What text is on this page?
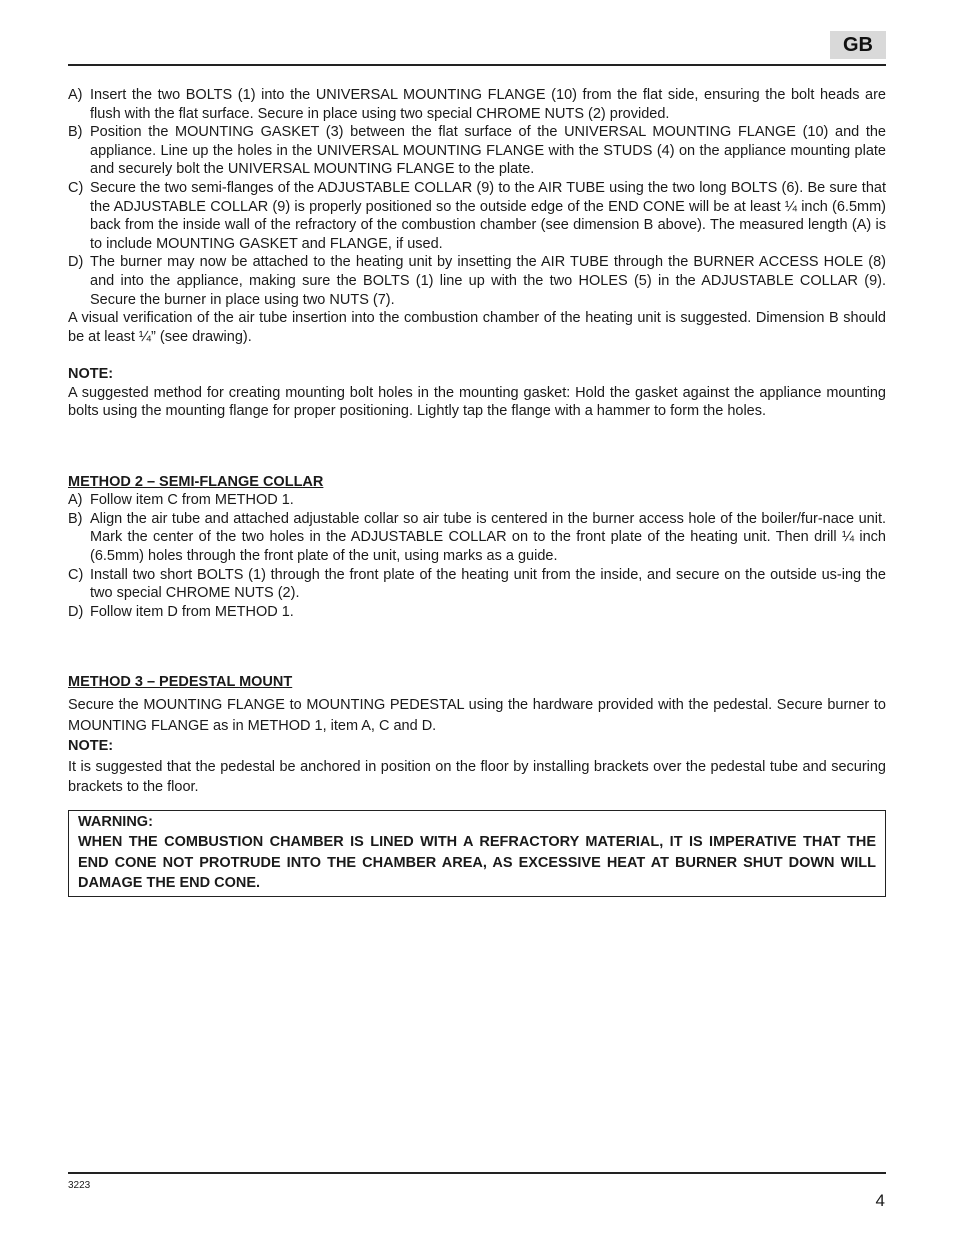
GB
A) Insert the two BOLTS (1) into the UNIVERSAL MOUNTING FLANGE (10) from the flat side, ensuring the bolt heads are flush with the flat surface. Secure in place using two special CHROME NUTS (2) provided.
B) Position the MOUNTING GASKET (3) between the flat surface of the UNIVERSAL MOUNTING FLANGE (10) and the appliance. Line up the holes in the UNIVERSAL MOUNTING FLANGE with the STUDS (4) on the appliance mounting plate and securely bolt the UNIVERSAL MOUNTING FLANGE to the plate.
C) Secure the two semi-flanges of the ADJUSTABLE COLLAR (9) to the AIR TUBE using the two long BOLTS (6). Be sure that the ADJUSTABLE COLLAR (9) is properly positioned so the outside edge of the END CONE will be at least ¼ inch (6.5mm) back from the inside wall of the refractory of the combustion chamber (see dimension B above). The measured length (A) is to include MOUNTING GASKET and FLANGE, if used.
D) The burner may now be attached to the heating unit by insetting the AIR TUBE through the BURNER ACCESS HOLE (8) and into the appliance, making sure the BOLTS (1) line up with the two HOLES (5) in the ADJUSTABLE COLLAR (9). Secure the burner in place using two NUTS (7).
A visual verification of the air tube insertion into the combustion chamber of the heating unit is suggested. Dimension B should be at least ¼” (see drawing).
NOTE:
A suggested method for creating mounting bolt holes in the mounting gasket: Hold the gasket against the appliance mounting bolts using the mounting flange for proper positioning. Lightly tap the flange with a hammer to form the holes.
METHOD 2 – SEMI-FLANGE COLLAR
A) Follow item C from METHOD 1.
B) Align the air tube and attached adjustable collar so air tube is centered in the burner access hole of the boiler/fur-nace unit. Mark the center of the two holes in the ADJUSTABLE COLLAR on to the front plate of the heating unit. Then drill ¼ inch (6.5mm) holes through the front plate of the unit, using marks as a guide.
C) Install two short BOLTS (1) through the front plate of the heating unit from the inside, and secure on the outside us-ing the two special CHROME NUTS (2).
D) Follow item D from METHOD 1.
METHOD 3 – PEDESTAL MOUNT
Secure the MOUNTING FLANGE to MOUNTING PEDESTAL using the hardware provided with the pedestal. Secure burner to MOUNTING FLANGE as in METHOD 1, item A, C and D.
NOTE:
It is suggested that the pedestal be anchored in position on the floor by installing brackets over the pedestal tube and securing brackets to the floor.
WARNING:
WHEN THE COMBUSTION CHAMBER IS LINED WITH A REFRACTORY MATERIAL, IT IS IMPERATIVE THAT THE END CONE NOT PROTRUDE INTO THE CHAMBER AREA, AS EXCESSIVE HEAT AT BURNER SHUT DOWN WILL DAMAGE THE END CONE.
3223
4
